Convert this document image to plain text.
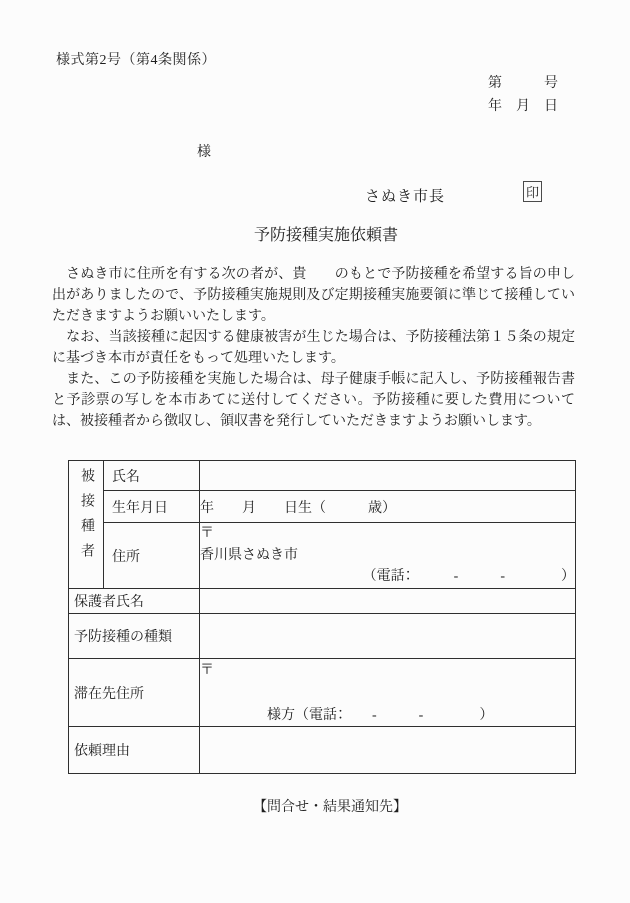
様式第2号（第4条関係）
第　　　号
年　月　日
様
さぬき市長	印
予防接種実施依頼書

　さぬき市に住所を有する次の者が、貴　　のもとで予防接種を希望する旨の申し出がありましたので、予防接種実施規則及び定期接種実施要領に準じて接種していただきますようお願いいたします。

　なお、当該接種に起因する健康被害が生じた場合は、予防接種法第１５条の規定に基づき本市が責任をもって処理いたします。

　また、この予防接種を実施した場合は、母子健康手帳に記入し、予防接種報告書と予診票の写しを本市あてに送付してください。予防接種に要した費用については、被接種者から徴収し、領収書を発行していただきますようお願いします。

被接種者	氏名	
	生年月日	年　　月　　日生（　　　歳）
	住所	〒
香川県さぬき市
（電話：　　　-　　　-　　　　）

保護者氏名		
予防接種の種類		
滞在先住所		〒
様方（電話：　　-　　　-　　　　）

依頼理由		
【問合せ・結果通知先】
